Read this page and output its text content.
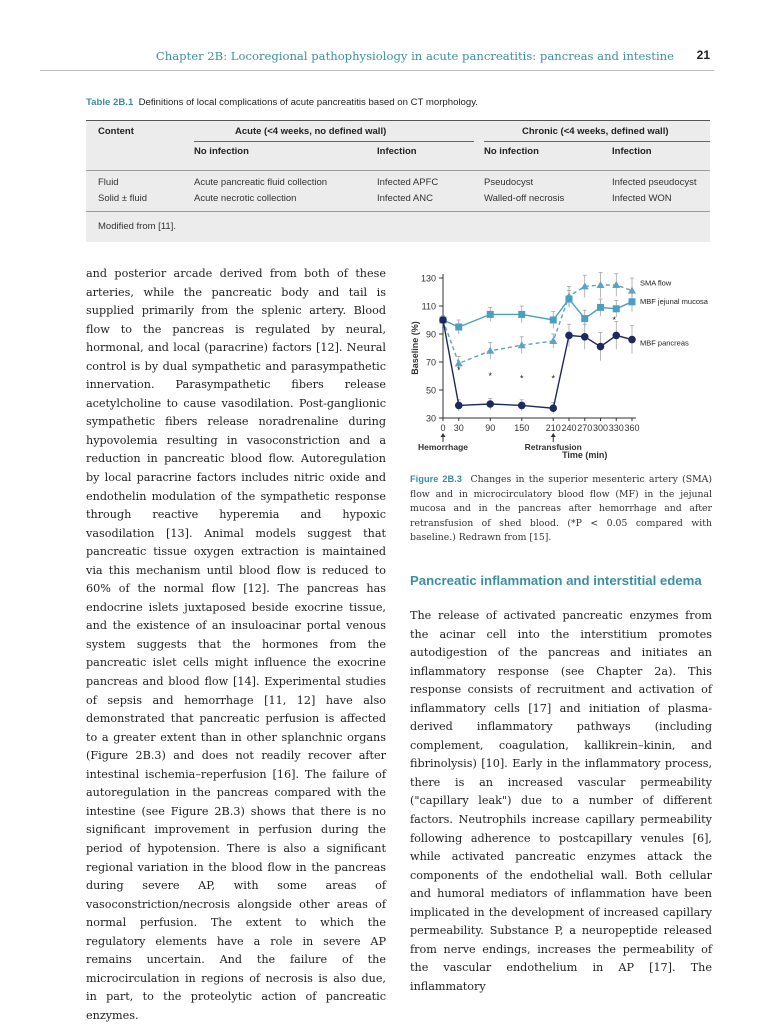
Chapter 2B: Locoregional pathophysiology in acute pancreatitis: pancreas and intestine 21
Table 2B.1 Definitions of local complications of acute pancreatitis based on CT morphology.
Content	Acute (<4 weeks, no defined wall)	Chronic (<4 weeks, defined wall)
No infection	Infection	No infection	Infection
Fluid	Acute pancreatic fluid collection	Infected APFC	Pseudocyst	Infected pseudocyst
Solid ± fluid	Acute necrotic collection	Infected ANC	Walled-off necrosis	Infected WON
Modified from [11].

and posterior arcade derived from both of these arteries, while the pancreatic body and tail is supplied primarily from the splenic artery. Blood flow to the pancreas is regulated by neural, hormonal, and local (paracrine) factors [12]. Neural control is by dual sympathetic and parasympathetic innervation. Parasympathetic fibers release acetylcholine to cause vasodilation. Post-ganglionic sympathetic fibers release noradrenaline during hypovolemia resulting in vasoconstriction and a reduction in pancreatic blood flow. Autoregulation by local paracrine factors includes nitric oxide and endothelin modulation of the sympathetic response through reactive hyperemia and hypoxic vasodilation [13]. Animal models suggest that pancreatic tissue oxygen extraction is maintained via this mechanism until blood flow is reduced to 60% of the normal flow [12]. The pancreas has endocrine islets juxtaposed beside exocrine tissue, and the existence of an insuloacinar portal venous system suggests that the hormones from the pancreatic islet cells might influence the exocrine pancreas and blood flow [14]. Experimental studies of sepsis and hemorrhage [11, 12] have also demonstrated that pancreatic perfusion is affected to a greater extent than in other splanchnic organs (Figure 2B.3) and does not readily recover after intestinal ischemia–reperfusion [16]. The failure of autoregulation in the pancreas compared with the intestine (see Figure 2B.3) shows that there is no significant improvement in perfusion during the period of hypotension. There is also a significant regional variation in the blood flow in the pancreas during severe AP, with some areas of vasoconstriction/necrosis alongside other areas of normal perfusion. The extent to which the regulatory elements have a role in severe AP remains uncertain. And the failure of the microcirculation in regions of necrosis is also due, in part, to the proteolytic action of pancreatic enzymes.

30
50
70
90
110
130
0 30 90 150 210 240 270 300 330 360
Baseline (%)
Time (min)
Hemorrhage	Retransfusion
SMA flow
MBF jejunal mucosa
MBF pancreas
*
*	*	*
*
Figure 2B.3 Changes in the superior mesenteric artery (SMA) flow and in microcirculatory blood flow (MF) in the jejunal mucosa and in the pancreas after hemorrhage and after retransfusion of shed blood. (*P < 0.05 compared with baseline.) Redrawn from [15].
Pancreatic inflammation and interstitial edema

The release of activated pancreatic enzymes from the acinar cell into the interstitium promotes autodigestion of the pancreas and initiates an inflammatory response (see Chapter 2a). This response consists of recruitment and activation of inflammatory cells [17] and initiation of plasma-derived inflammatory pathways (including complement, coagulation, kallikrein–kinin, and fibrinolysis) [10]. Early in the inflammatory process, there is an increased vascular permeability ("capillary leak") due to a number of different factors. Neutrophils increase capillary permeability following adherence to postcapillary venules [6], while activated pancreatic enzymes attack the components of the endothelial wall. Both cellular and humoral mediators of inflammation have been implicated in the development of increased capillary permeability. Substance P, a neuropeptide released from nerve endings, increases the permeability of the vascular endothelium in AP [17]. The inflammatory
